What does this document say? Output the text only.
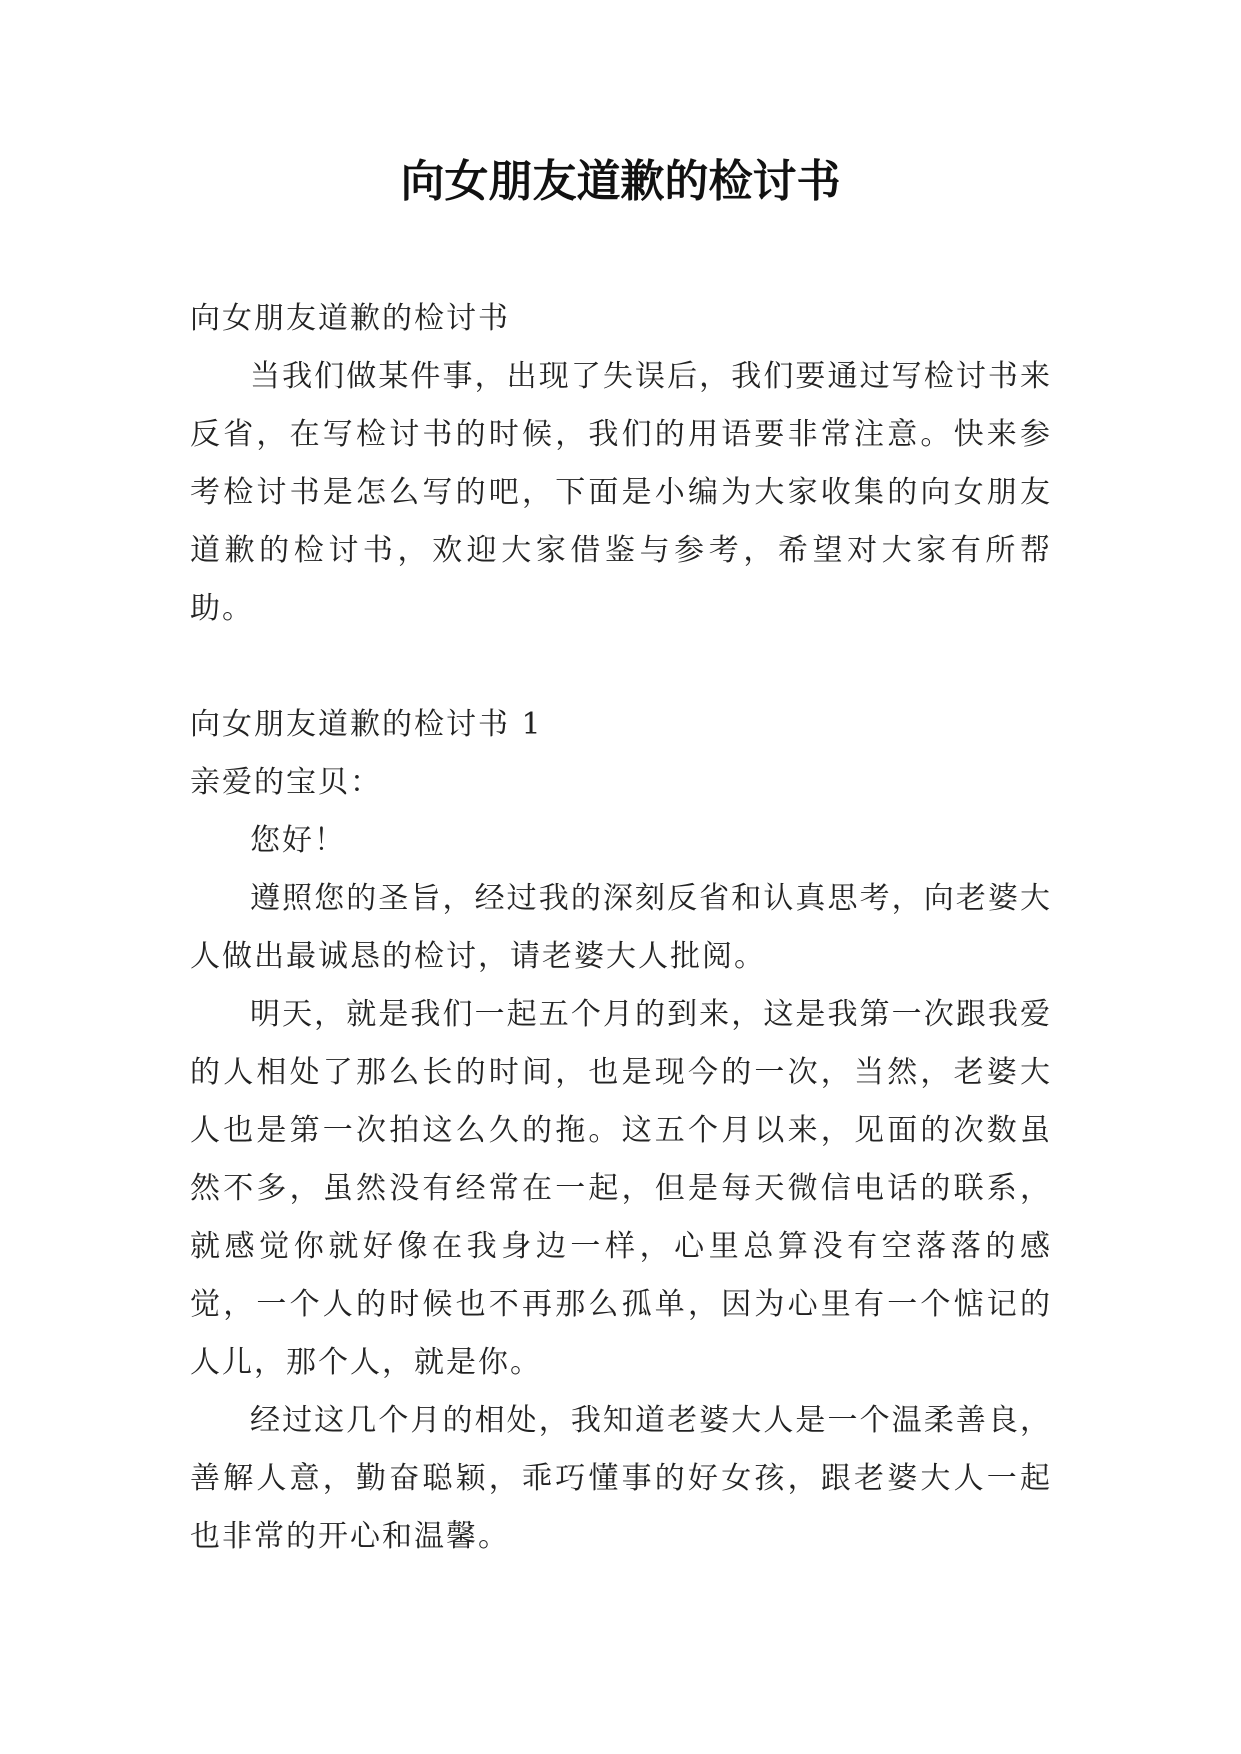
向女朋友道歉的检讨书

向女朋友道歉的检讨书

当我们做某件事，出现了失误后，我们要通过写检讨书来反省，在写检讨书的时候，我们的用语要非常注意。快来参考检讨书是怎么写的吧，下面是小编为大家收集的向女朋友道歉的检讨书，欢迎大家借鉴与参考，希望对大家有所帮助。

向女朋友道歉的检讨书 1

亲爱的宝贝：

您好！

遵照您的圣旨，经过我的深刻反省和认真思考，向老婆大人做出最诚恳的检讨，请老婆大人批阅。

明天，就是我们一起五个月的到来，这是我第一次跟我爱的人相处了那么长的时间，也是现今的一次，当然，老婆大人也是第一次拍这么久的拖。这五个月以来，见面的次数虽然不多，虽然没有经常在一起，但是每天微信电话的联系，就感觉你就好像在我身边一样，心里总算没有空落落的感觉，一个人的时候也不再那么孤单，因为心里有一个惦记的人儿，那个人，就是你。

经过这几个月的相处，我知道老婆大人是一个温柔善良，善解人意，勤奋聪颖，乖巧懂事的好女孩，跟老婆大人一起也非常的开心和温馨。
